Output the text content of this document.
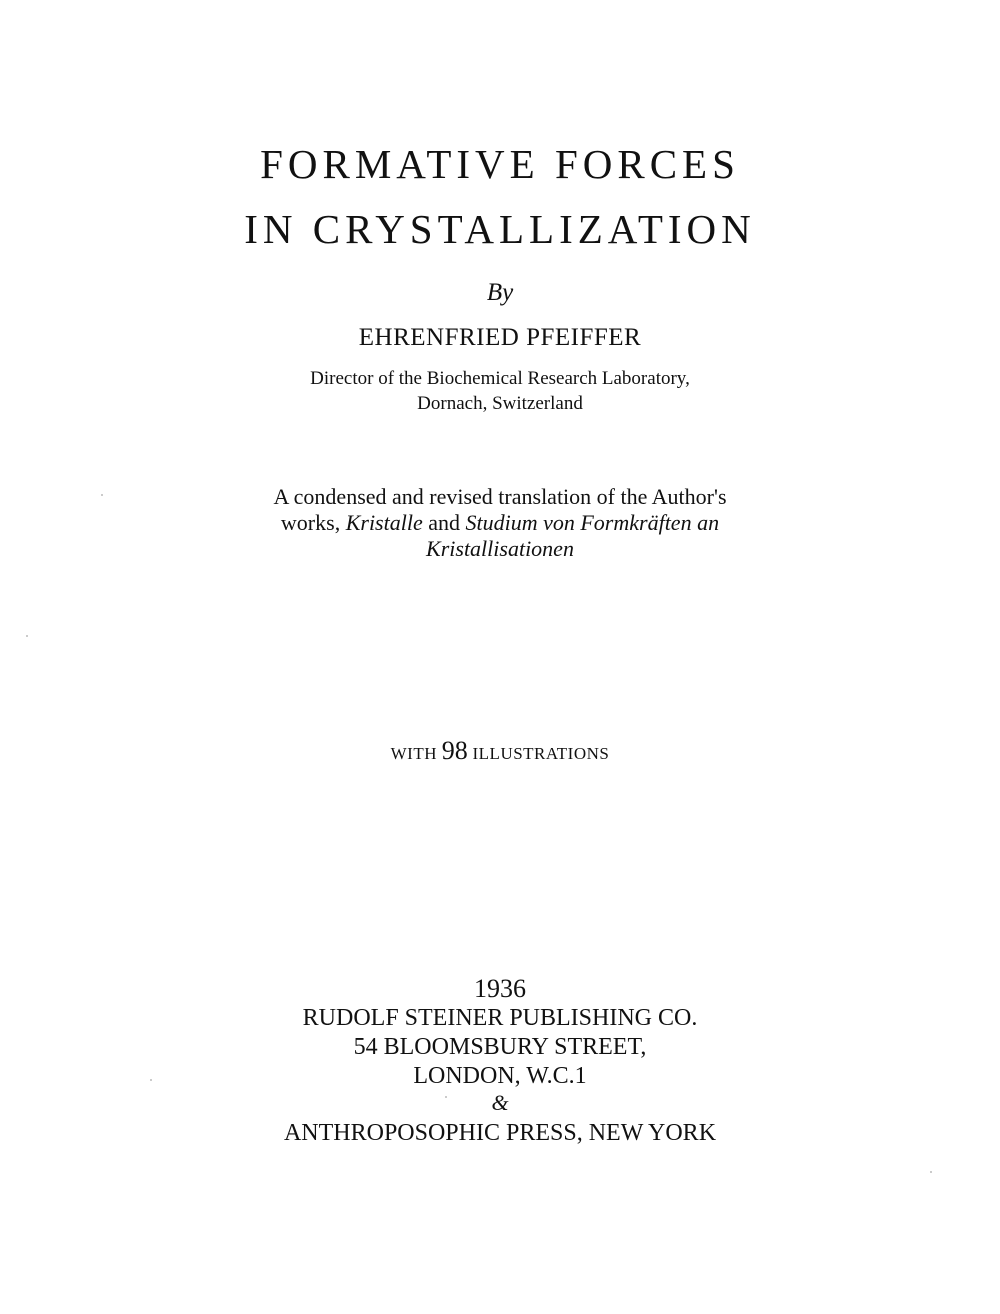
FORMATIVE FORCES
IN CRYSTALLIZATION
By
EHRENFRIED PFEIFFER
Director of the Biochemical Research Laboratory,
Dornach, Switzerland
A condensed and revised translation of the Author's
works, Kristalle and Studium von Formkräften an
Kristallisationen
WITH 98 ILLUSTRATIONS
1936
RUDOLF STEINER PUBLISHING CO.
54 BLOOMSBURY STREET,
LONDON, W.C.1
&
ANTHROPOSOPHIC PRESS, NEW YORK
